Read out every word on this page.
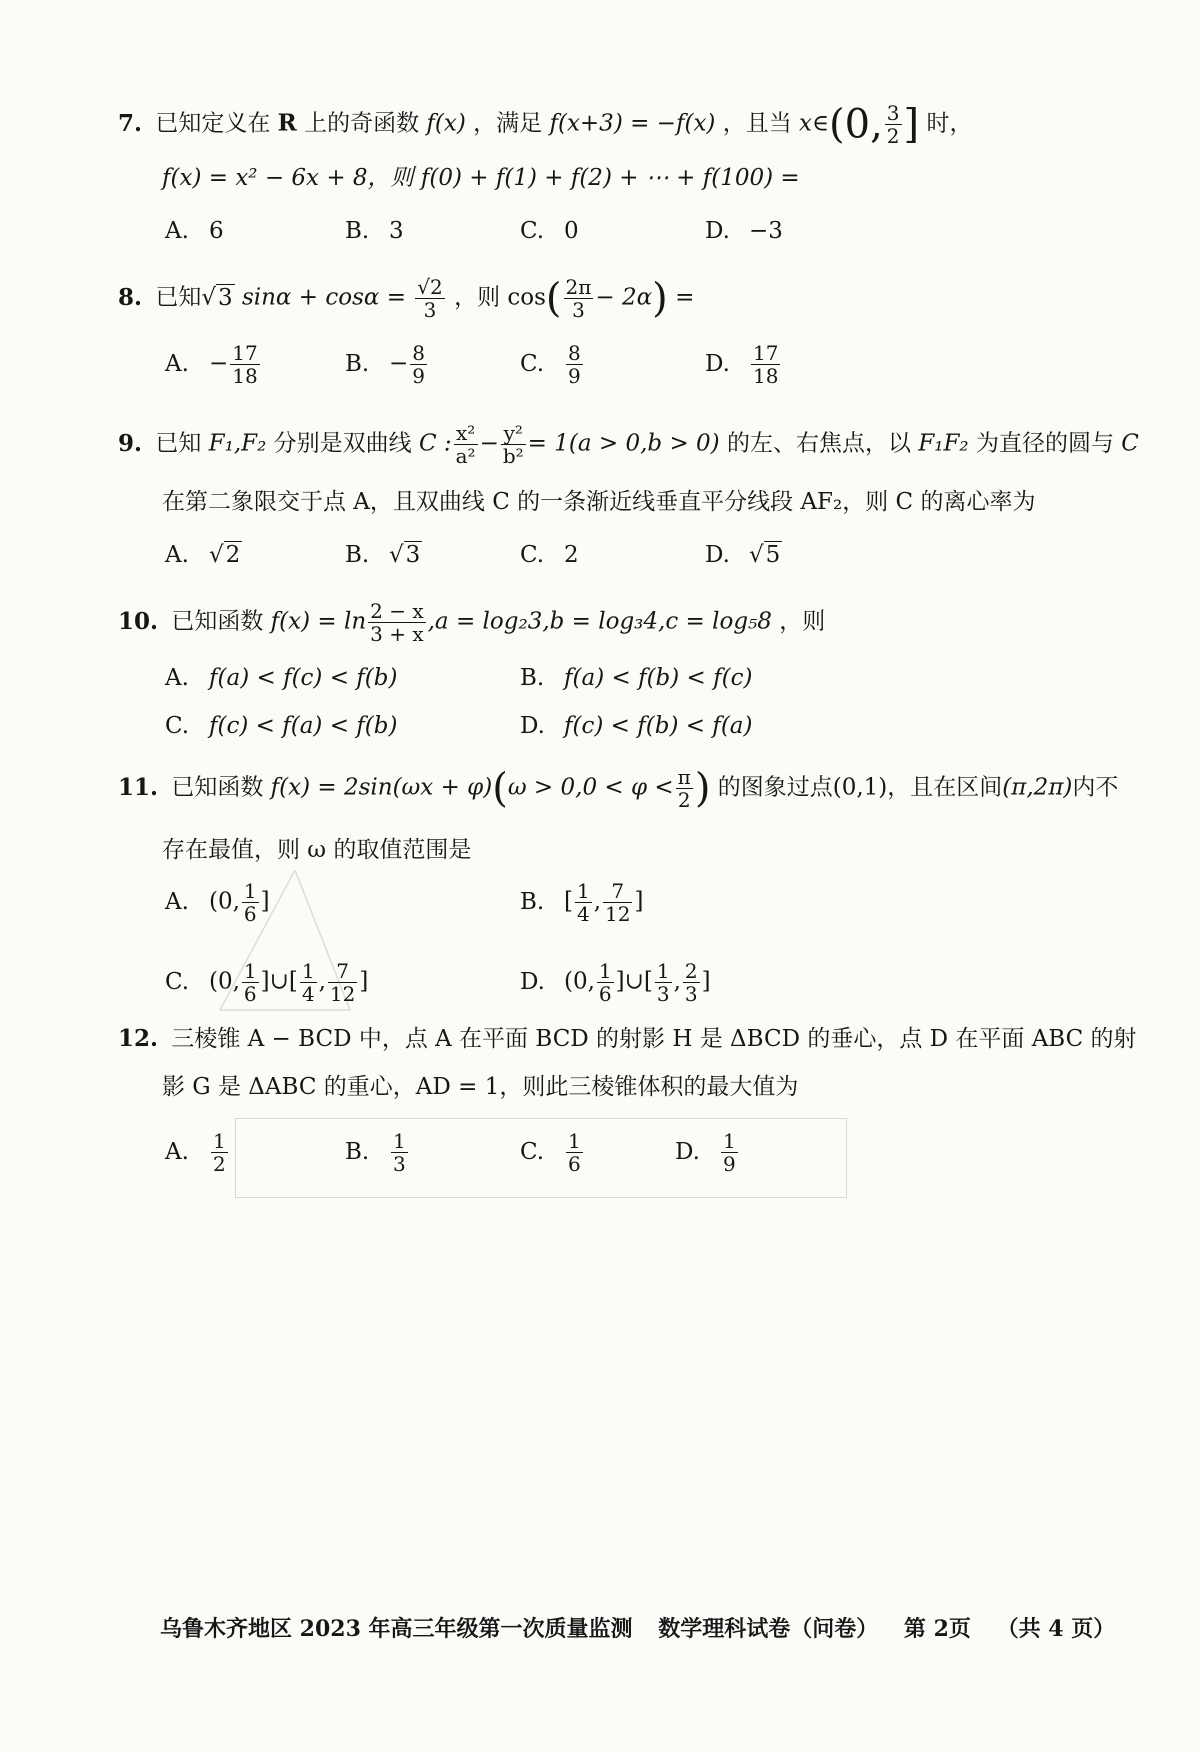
7. 已知定义在 R 上的奇函数 f(x) ，满足 f(x+3) = −f(x) ，且当 x∈(0, $\frac{3}{2}$ ] 时，
f(x) = x² − 6x + 8，则 f(0) + f(1) + f(2) + ⋯ + f(100) =
A. 6	B. 3	C. 0	D. −3
8. 已知√3 $\sin\alpha + \cos\alpha = \frac{√2}{3}$ ，则 $\cos( \frac{2\pi}{3} - 2\alpha)$ =
A. − $\frac{17}{18}$	B. − $\frac{8}{9}$	C. $\frac{8}{9}$	D. $\frac{17}{18}$
9. 已知 F₁,F₂ 分别是双曲线 C : $\frac{\text{x²}}{\text{a²}} - \frac{\text{y²}}{\text{b²}} = 1(a > 0,b > 0)$ 的左、右焦点，以 F₁F₂ 为直径的圆与 C
在第二象限交于点 A，且双曲线 C 的一条渐近线垂直平分线段 AF₂，则 C 的离心率为
A. √2	B. √3	C. 2	D. √5
10. 已知函数 $f(x) = \ln \frac{2 - x}{3 + x} ,a = \log_23,b = \log_34,c = \log_58$ ，则
A. f(a) < f(c) < f(b)	B. f(a) < f(b) < f(c)
C. f(c) < f(a) < f(b)	D. f(c) < f(b) < f(a)
11. 已知函数 $f(x) = 2\sin(\omega x + \varphi)(\omega > 0,0 < \varphi < \frac{\pi}{2}$ ) 的图象过点(0,1)，且在区间(π,2π)内不
存在最值，则 ω 的取值范围是
A. (0, $\frac{1}{6}$ ]	B. [ $\frac{1}{4}$ , $\frac{7}{12}$ ]
C. (0, $\frac{1}{6}$ ]∪[ $\frac{1}{4}$ , $\frac{7}{12}$ ]	D. (0, $\frac{1}{6}$ ]∪[ $\frac{1}{3}$ , $\frac{2}{3}$ ]
12. 三棱锥 A − BCD 中，点 A 在平面 BCD 的射影 H 是 ΔBCD 的垂心，点 D 在平面 ABC 的射
影 G 是 ΔABC 的重心，AD = 1，则此三棱锥体积的最大值为
A. $\frac{1}{2}$	B. $\frac{1}{3}$	C. $\frac{1}{6}$	D. $\frac{1}{9}$
乌鲁木齐地区 2023 年高三年级第一次质量监测 数学理科试卷（问卷） 第 2页 （共 4 页）
